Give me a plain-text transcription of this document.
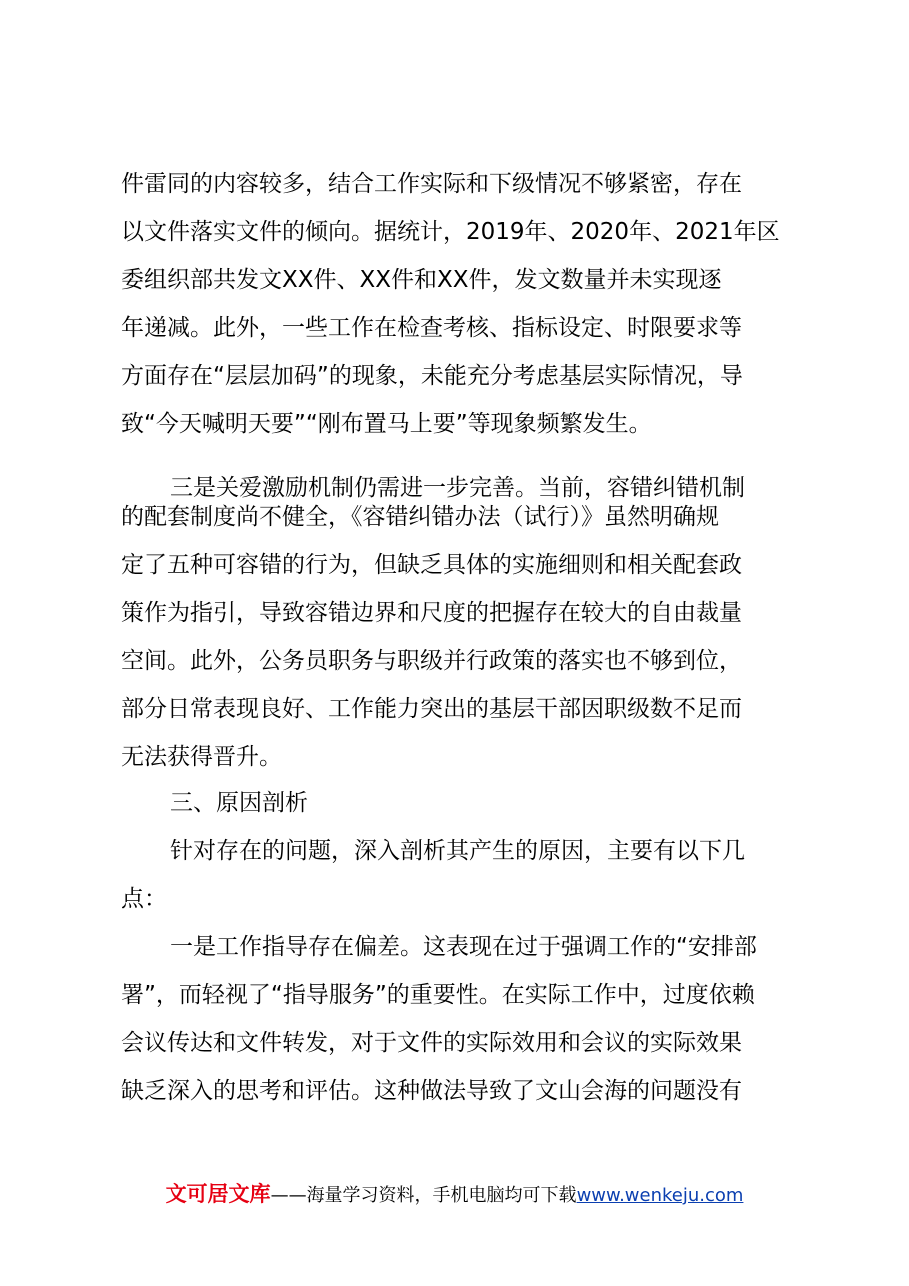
件雷同的内容较多，结合工作实际和下级情况不够紧密，存在
以文件落实文件的倾向。据统计，2019年、2020年、2021年区
委组织部共发文XX件、XX件和XX件，发文数量并未实现逐
年递减。此外，一些工作在检查考核、指标设定、时限要求等
方面存在“层层加码”的现象，未能充分考虑基层实际情况，导
致“今天喊明天要”“刚布置马上要”等现象频繁发生。
三是关爱激励机制仍需进一步完善。当前，容错纠错机制
的配套制度尚不健全，《容错纠错办法（试行）》虽然明确规
定了五种可容错的行为，但缺乏具体的实施细则和相关配套政
策作为指引，导致容错边界和尺度的把握存在较大的自由裁量
空间。此外，公务员职务与职级并行政策的落实也不够到位，
部分日常表现良好、工作能力突出的基层干部因职级数不足而
无法获得晋升。
三、原因剖析
针对存在的问题，深入剖析其产生的原因，主要有以下几
点：
一是工作指导存在偏差。这表现在过于强调工作的“安排部
署”，而轻视了“指导服务”的重要性。在实际工作中，过度依赖
会议传达和文件转发，对于文件的实际效用和会议的实际效果
缺乏深入的思考和评估。这种做法导致了文山会海的问题没有
文可居文库——海量学习资料，手机电脑均可下载www.wenkeju.com
